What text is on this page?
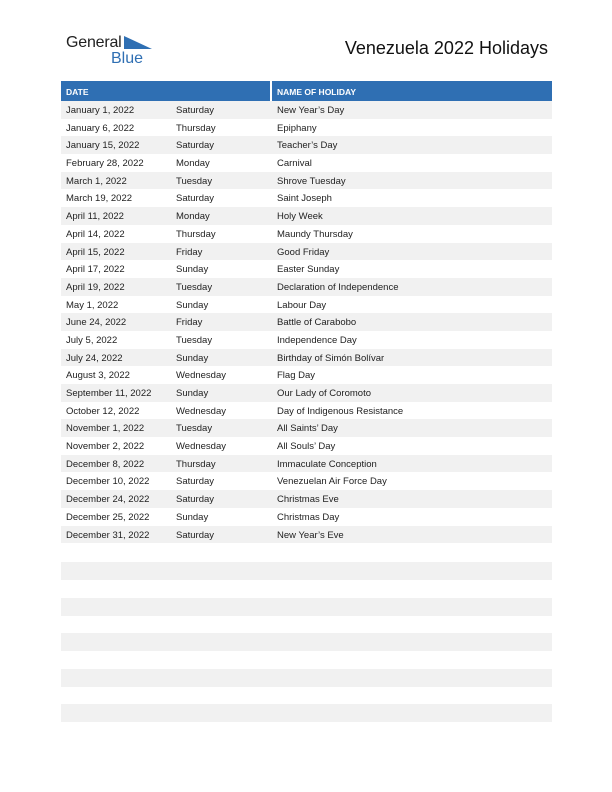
General
Blue
Venezuela 2022 Holidays
DATE	NAME OF HOLIDAY
January 1, 2022	Saturday	New Year’s Day
January 6, 2022	Thursday	Epiphany
January 15, 2022	Saturday	Teacher’s Day
February 28, 2022	Monday	Carnival
March 1, 2022	Tuesday	Shrove Tuesday
March 19, 2022	Saturday	Saint Joseph
April 11, 2022	Monday	Holy Week
April 14, 2022	Thursday	Maundy Thursday
April 15, 2022	Friday	Good Friday
April 17, 2022	Sunday	Easter Sunday
April 19, 2022	Tuesday	Declaration of Independence
May 1, 2022	Sunday	Labour Day
June 24, 2022	Friday	Battle of Carabobo
July 5, 2022	Tuesday	Independence Day
July 24, 2022	Sunday	Birthday of Simón Bolívar
August 3, 2022	Wednesday	Flag Day
September 11, 2022	Sunday	Our Lady of Coromoto
October 12, 2022	Wednesday	Day of Indigenous Resistance
November 1, 2022	Tuesday	All Saints’ Day
November 2, 2022	Wednesday	All Souls’ Day
December 8, 2022	Thursday	Immaculate Conception
December 10, 2022	Saturday	Venezuelan Air Force Day
December 24, 2022	Saturday	Christmas Eve
December 25, 2022	Sunday	Christmas Day
December 31, 2022	Saturday	New Year’s Eve
